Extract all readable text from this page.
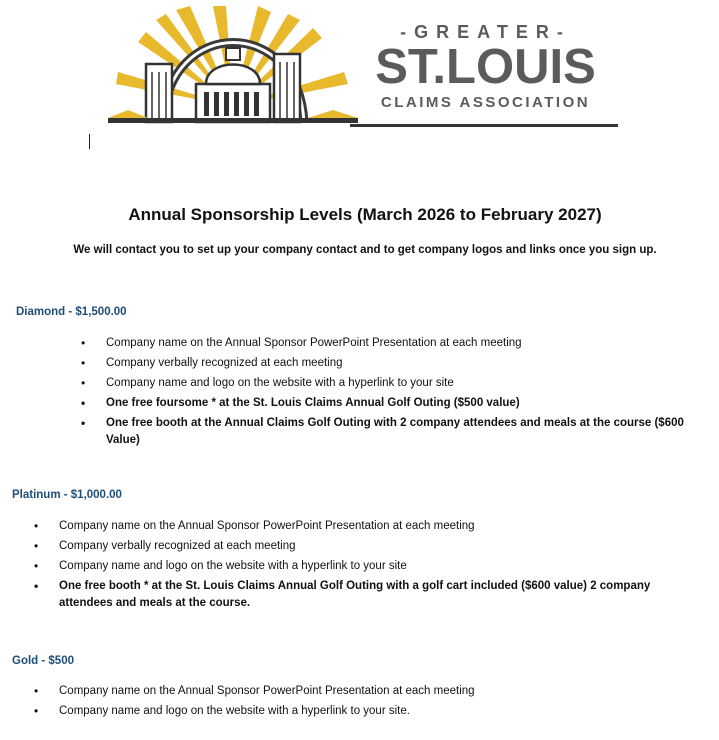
-GREATER-
ST.LOUIS
CLAIMS ASSOCIATION
Annual Sponsorship Levels (March 2026 to February 2027)
We will contact you to set up your company contact and to get company logos and links once you sign up.
Diamond - $1,500.00
• Company name on the Annual Sponsor PowerPoint Presentation at each meeting
• Company verbally recognized at each meeting
• Company name and logo on the website with a hyperlink to your site
• One free foursome * at the St. Louis Claims Annual Golf Outing ($500 value)
• One free booth at the Annual Claims Golf Outing with 2 company attendees and meals at the course ($600 Value)
Platinum - $1,000.00
• Company name on the Annual Sponsor PowerPoint Presentation at each meeting
• Company verbally recognized at each meeting
• Company name and logo on the website with a hyperlink to your site
• One free booth * at the St. Louis Claims Annual Golf Outing with a golf cart included ($600 value) 2 company attendees and meals at the course.
Gold - $500
• Company name on the Annual Sponsor PowerPoint Presentation at each meeting
• Company name and logo on the website with a hyperlink to your site.
